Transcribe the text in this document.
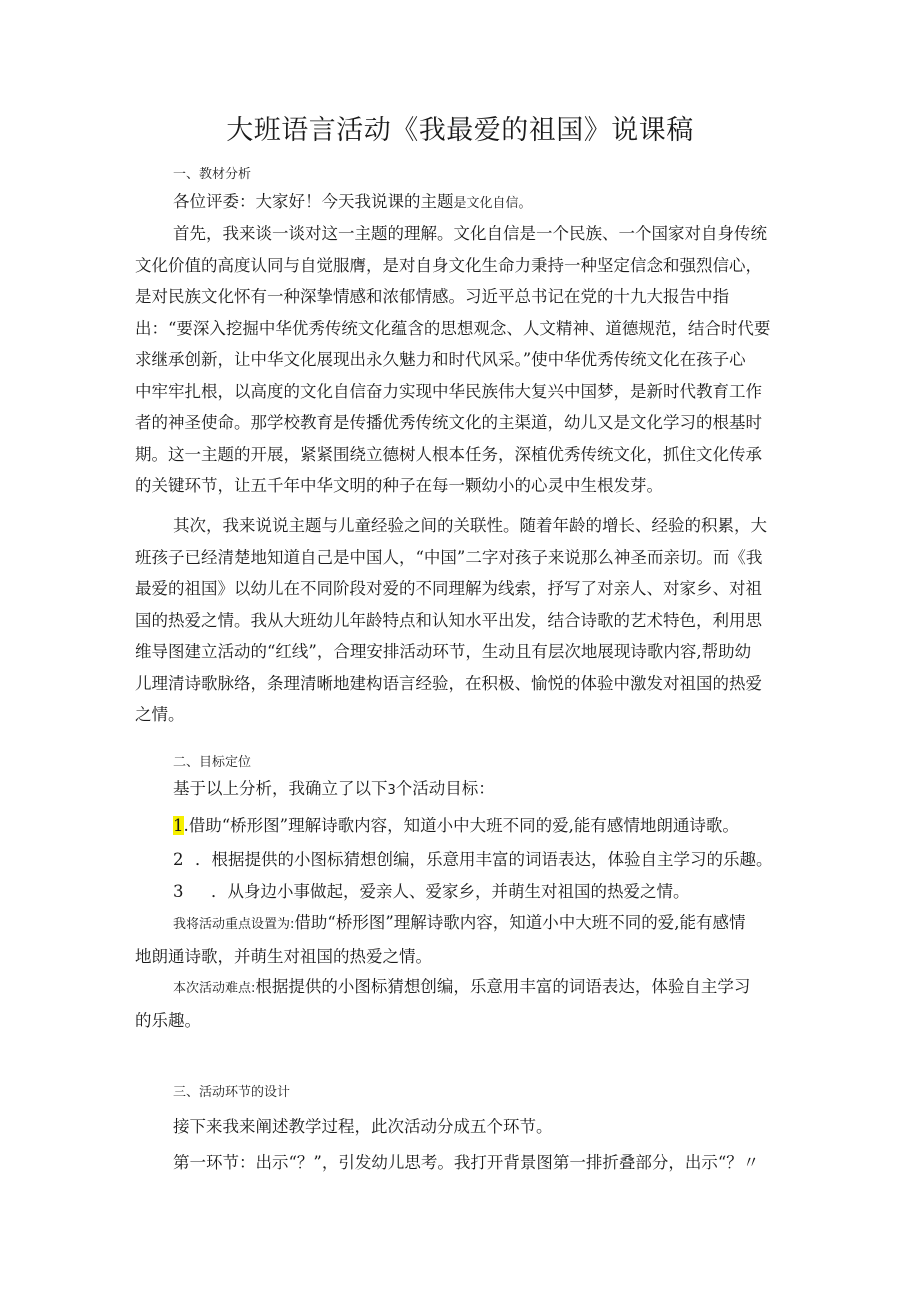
大班语言活动《我最爱的祖国》说课稿
一、教材分析
各位评委：大家好！今天我说课的主题是文化自信。
首先，我来谈一谈对这一主题的理解。文化自信是一个民族、一个国家对自身传统
文化价值的高度认同与自觉服膺，是对自身文化生命力秉持一种坚定信念和强烈信心，
是对民族文化怀有一种深挚情感和浓郁情感。习近平总书记在党的十九大报告中指
出：“要深入挖掘中华优秀传统文化蕴含的思想观念、人文精神、道德规范，结合时代要
求继承创新，让中华文化展现出永久魅力和时代风采。”使中华优秀传统文化在孩子心
中牢牢扎根，以高度的文化自信奋力实现中华民族伟大复兴中国梦，是新时代教育工作
者的神圣使命。那学校教育是传播优秀传统文化的主渠道，幼儿又是文化学习的根基时
期。这一主题的开展，紧紧围绕立德树人根本任务，深植优秀传统文化，抓住文化传承
的关键环节，让五千年中华文明的种子在每一颗幼小的心灵中生根发芽。
其次，我来说说主题与儿童经验之间的关联性。随着年龄的增长、经验的积累，大
班孩子已经清楚地知道自己是中国人，“中国”二字对孩子来说那么神圣而亲切。而《我
最爱的祖国》以幼儿在不同阶段对爱的不同理解为线索，抒写了对亲人、对家乡、对祖
国的热爱之情。我从大班幼儿年龄特点和认知水平出发，结合诗歌的艺术特色，利用思
维导图建立活动的“红线”，合理安排活动环节，生动且有层次地展现诗歌内容,帮助幼
儿理清诗歌脉络，条理清晰地建构语言经验，在积极、愉悦的体验中激发对祖国的热爱
之情。
二、目标定位
基于以上分析，我确立了以下3个活动目标：
1.借助“桥形图”理解诗歌内容，知道小中大班不同的爱,能有感情地朗通诗歌。
2 ．根据提供的小图标猜想创编，乐意用丰富的词语表达，体验自主学习的乐趣。
3 ．从身边小事做起，爱亲人、爱家乡，并萌生对祖国的热爱之情。
我将活动重点设置为:借助“桥形图”理解诗歌内容，知道小中大班不同的爱,能有感情
地朗通诗歌，并萌生对祖国的热爱之情。
本次活动难点:根据提供的小图标猜想创编，乐意用丰富的词语表达，体验自主学习
的乐趣。
三、活动环节的设计
接下来我来阐述教学过程，此次活动分成五个环节。
第一环节：出示“？”，引发幼儿思考。我打开背景图第一排折叠部分，出示“？〃
